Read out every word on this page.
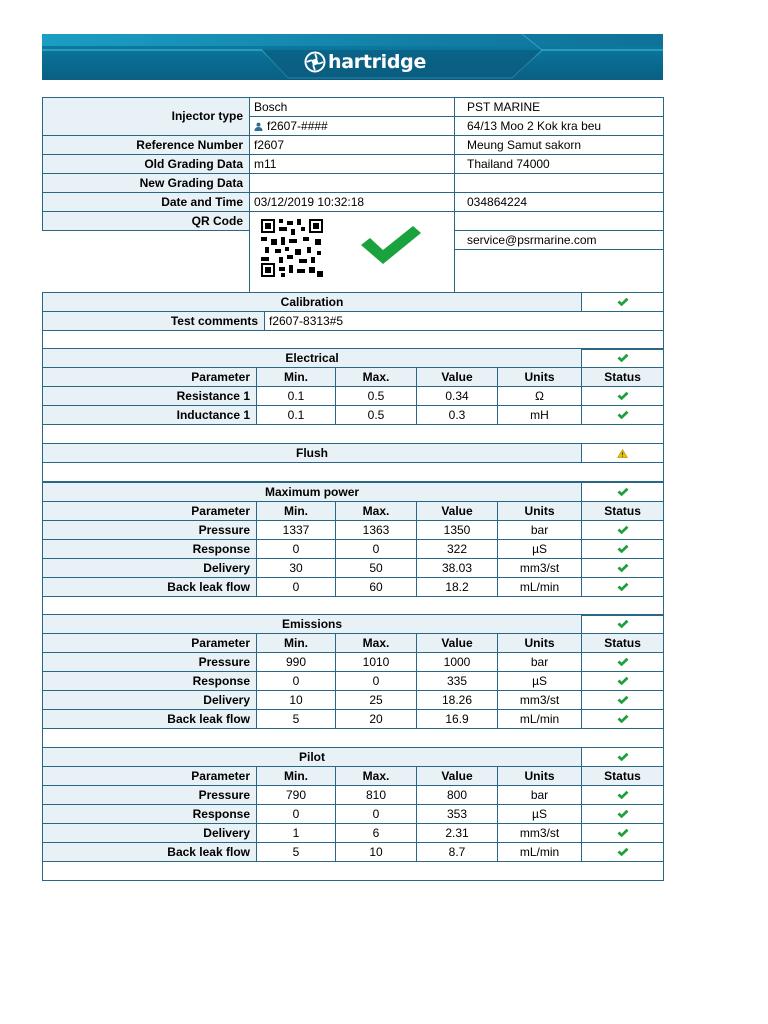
hartridge
Injector type	Bosch	PST MARINE
	f2607-####	64/13 Moo 2 Kok kra beu
Reference Number	f2607	Meung Samut sakorn
Old Grading Data	m11	Thailand 74000
New Grading Data		
Date and Time	03/12/2019 10:32:18	034864224
QR Code		
		service@psrmarine.com

Calibration	
Test comments	f2607-8313#5	

Electrical	
Parameter	Min.	Max.	Value	Units	Status
Resistance 1	0.1	0.5	0.34	Ω	
Inductance 1	0.1	0.5	0.3	mH	

Flush	

Maximum power	
Parameter	Min.	Max.	Value	Units	Status
Pressure	1337	1363	1350	bar	
Response	0	0	322	µS	
Delivery	30	50	38.03	mm3/st	
Back leak flow	0	60	18.2	mL/min	

Emissions	
Parameter	Min.	Max.	Value	Units	Status
Pressure	990	1010	1000	bar	
Response	0	0	335	µS	
Delivery	10	25	18.26	mm3/st	
Back leak flow	5	20	16.9	mL/min	

Pilot	
Parameter	Min.	Max.	Value	Units	Status
Pressure	790	810	800	bar	
Response	0	0	353	µS	
Delivery	1	6	2.31	mm3/st	
Back leak flow	5	10	8.7	mL/min	
